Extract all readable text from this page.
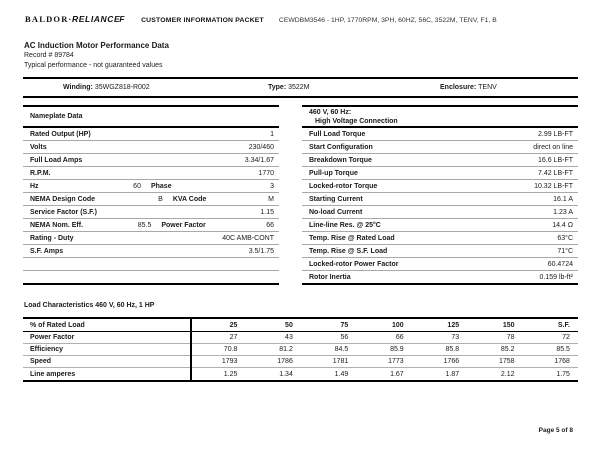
BALDOR·RELIANCEF CUSTOMER INFORMATION PACKET CEWDBM3546 - 1HP, 1770RPM, 3PH, 60HZ, 56C, 3522M, TENV, F1, B
AC Induction Motor Performance Data
Record # 89784
Typical performance - not guaranteed values
Winding: 35WGZ818-R002	Type: 3522M	Enclosure: TENV
Nameplate Data
Rated Output (HP)	1
Volts	230/460
Full Load Amps	3.34/1.67
R.P.M.	1770
Hz	60	Phase	3
NEMA Design Code	B	KVA Code	M
Service Factor (S.F.)	1.15
NEMA Nom. Eff.	85.5	Power Factor	66
Rating - Duty	40C AMB-CONT
S.F. Amps	3.5/1.75
460 V, 60 Hz:
High Voltage Connection
Full Load Torque	2.99 LB-FT
Start Configuration	direct on line
Breakdown Torque	16.6 LB-FT
Pull-up Torque	7.42 LB-FT
Locked-rotor Torque	10.32 LB-FT
Starting Current	16.1 A
No-load Current	1.23 A
Line-line Res. @ 25°C	14.4 Ω
Temp. Rise @ Rated Load	63°C
Temp. Rise @ S.F. Load	71°C
Locked-rotor Power Factor	60.4724
Rotor Inertia	0.159 lb-ft²
Load Characteristics 460 V, 60 Hz, 1 HP
% of Rated Load	25	50	75	100	125	150	S.F.
Power Factor	27	43	56	66	73	78	72
Efficiency	70.8	81.2	84.5	85.9	85.8	85.2	85.5
Speed	1793	1786	1781	1773	1766	1758	1768
Line amperes	1.25	1.34	1.49	1.67	1.87	2.12	1.75
Page 5 of 8
